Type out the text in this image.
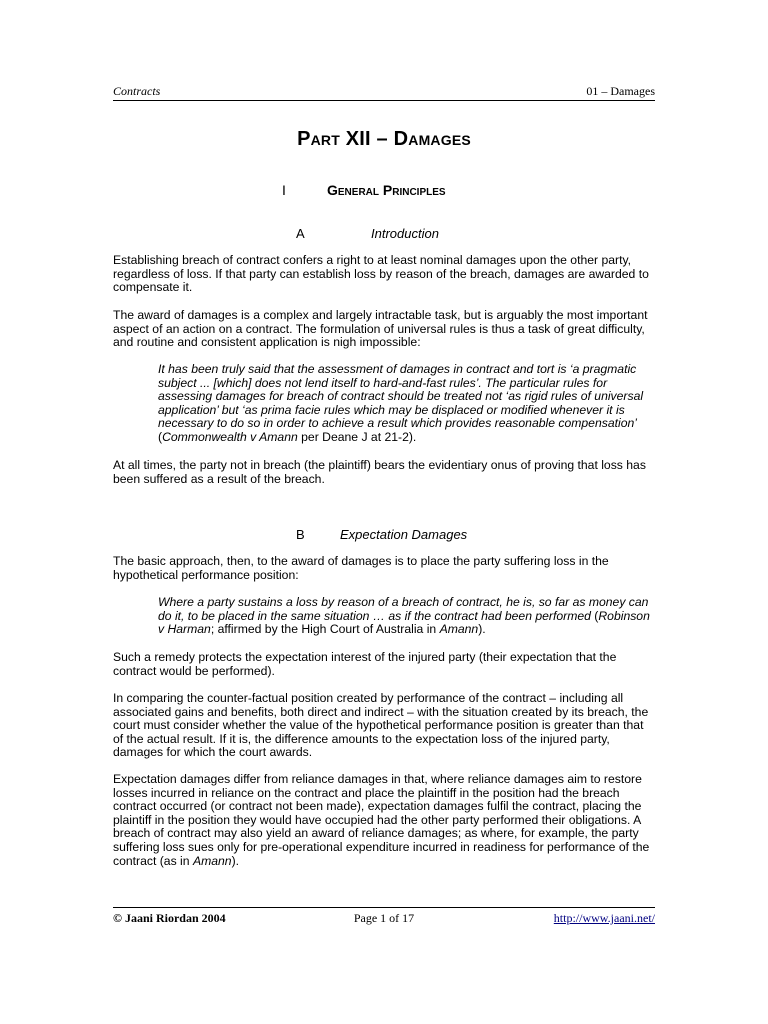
Contracts	01 – Damages
Part XII – Damages
I	General Principles
A	Introduction

Establishing breach of contract confers a right to at least nominal damages upon the other party, regardless of loss. If that party can establish loss by reason of the breach, damages are awarded to compensate it.

The award of damages is a complex and largely intractable task, but is arguably the most important aspect of an action on a contract. The formulation of universal rules is thus a task of great difficulty, and routine and consistent application is nigh impossible:

It has been truly said that the assessment of damages in contract and tort is ‘a pragmatic subject ... [which] does not lend itself to hard-and-fast rules’. The particular rules for assessing damages for breach of contract should be treated not ‘as rigid rules of universal application’ but ‘as prima facie rules which may be displaced or modified whenever it is necessary to do so in order to achieve a result which provides reasonable compensation’ (Commonwealth v Amann per Deane J at 21-2).

At all times, the party not in breach (the plaintiff) bears the evidentiary onus of proving that loss has been suffered as a result of the breach.

B	Expectation Damages

The basic approach, then, to the award of damages is to place the party suffering loss in the hypothetical performance position:

Where a party sustains a loss by reason of a breach of contract, he is, so far as money can do it, to be placed in the same situation … as if the contract had been performed (Robinson v Harman; affirmed by the High Court of Australia in Amann).

Such a remedy protects the expectation interest of the injured party (their expectation that the contract would be performed).

In comparing the counter-factual position created by performance of the contract – including all associated gains and benefits, both direct and indirect – with the situation created by its breach, the court must consider whether the value of the hypothetical performance position is greater than that of the actual result. If it is, the difference amounts to the expectation loss of the injured party, damages for which the court awards.

Expectation damages differ from reliance damages in that, where reliance damages aim to restore losses incurred in reliance on the contract and place the plaintiff in the position had the breach contract occurred (or contract not been made), expectation damages fulfil the contract, placing the plaintiff in the position they would have occupied had the other party performed their obligations. A breach of contract may also yield an award of reliance damages; as where, for example, the party suffering loss sues only for pre-operational expenditure incurred in readiness for performance of the contract (as in Amann).

© Jaani Riordan 2004	Page 1 of 17	http://www.jaani.net/
